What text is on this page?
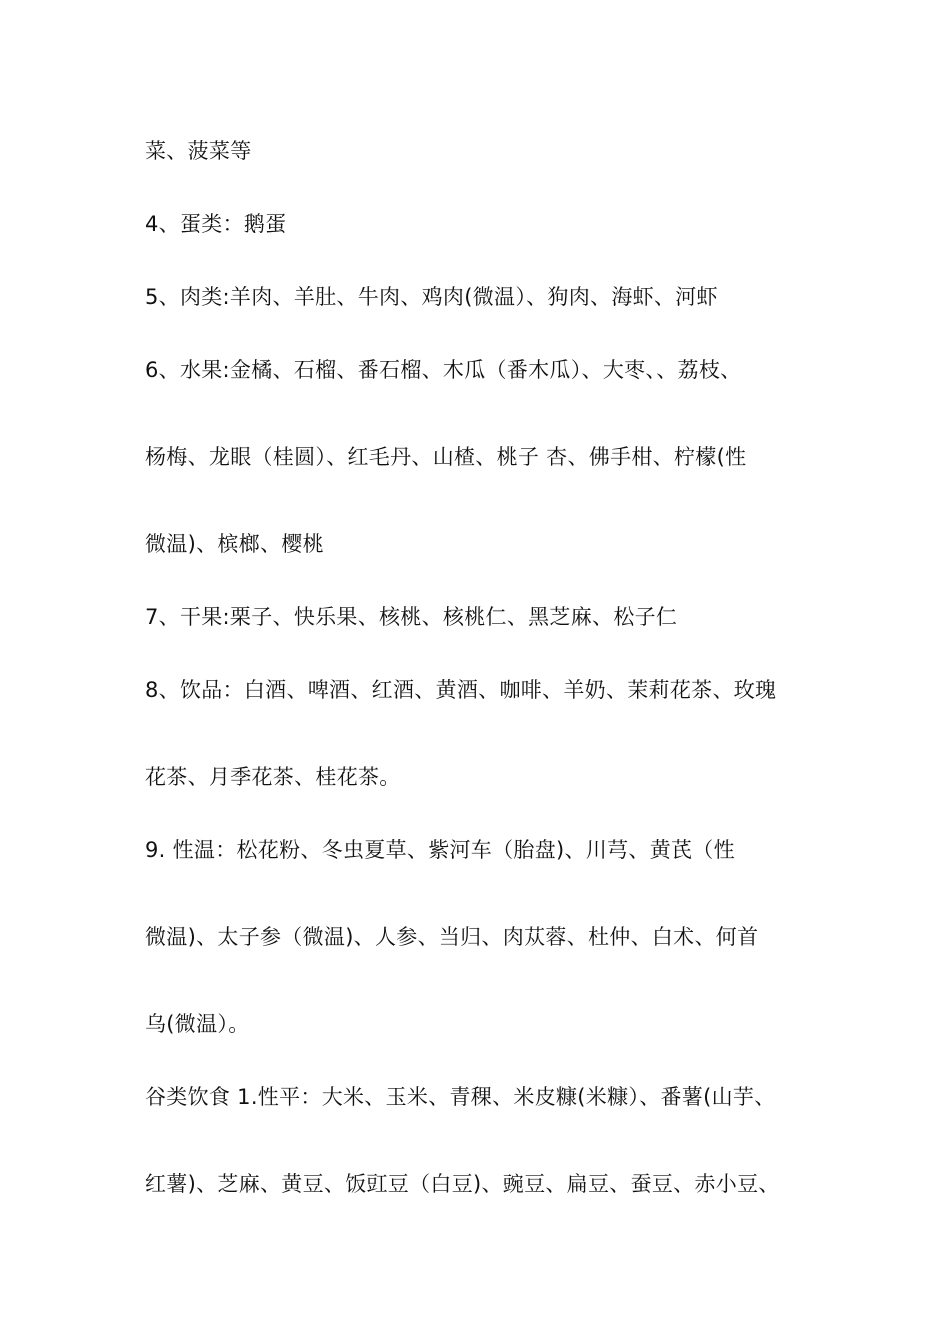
菜、菠菜等
4、蛋类：鹅蛋
5、肉类:羊肉、羊肚、牛肉、鸡肉(微温）、狗肉、海虾、河虾
6、水果:金橘、石榴、番石榴、木瓜（番木瓜）、大枣、、荔枝、
杨梅、龙眼（桂圆）、红毛丹、山楂、桃子 杏、佛手柑、柠檬(性
微温)、槟榔、樱桃
7、干果:栗子、快乐果、核桃、核桃仁、黑芝麻、松子仁
8、饮品：白酒、啤酒、红酒、黄酒、咖啡、羊奶、茉莉花茶、玫瑰
花茶、月季花茶、桂花茶。
9. 性温：松花粉、冬虫夏草、紫河车（胎盘)、川芎、黄芪（性
微温)、太子参（微温)、人参、当归、肉苁蓉、杜仲、白术、何首
乌(微温）。
谷类饮食 1.性平：大米、玉米、青稞、米皮糠(米糠）、番薯(山芋、
红薯)、芝麻、黄豆、饭豇豆（白豆)、豌豆、扁豆、蚕豆、赤小豆、
